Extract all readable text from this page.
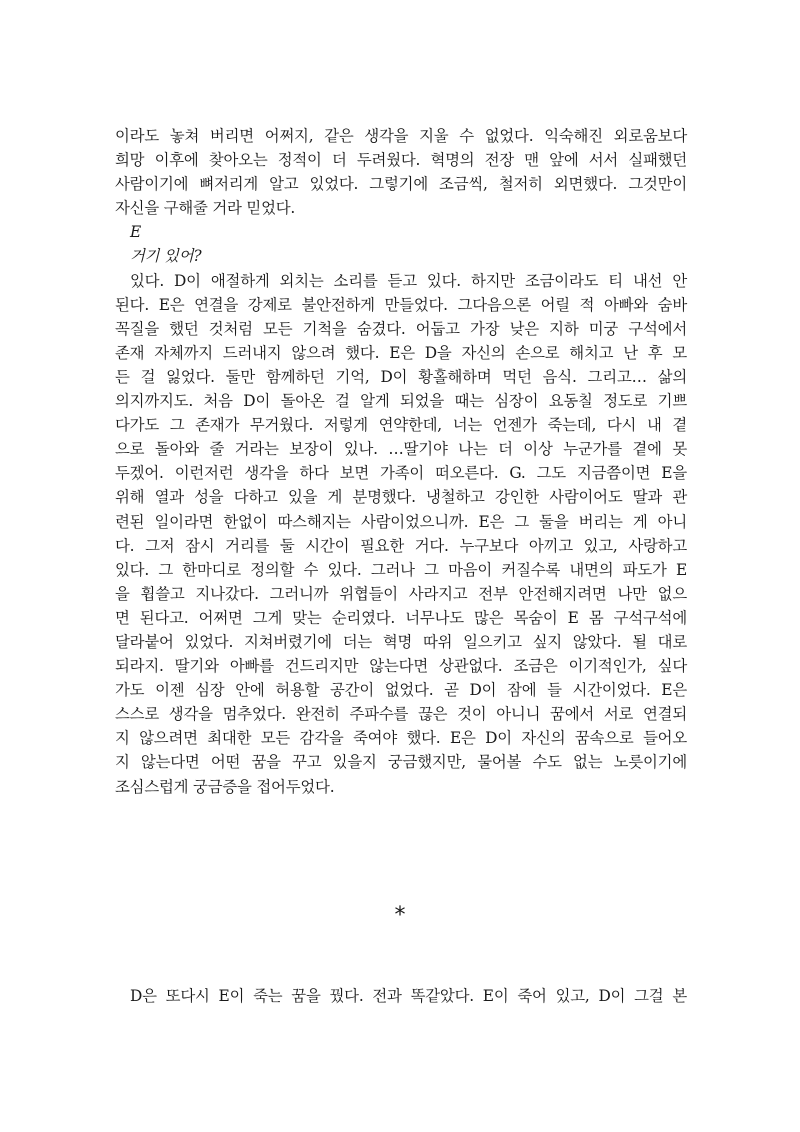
이라도 놓쳐 버리면 어쩌지, 같은 생각을 지울 수 없었다. 익숙해진 외로움보다
희망 이후에 찾아오는 정적이 더 두려웠다. 혁명의 전장 맨 앞에 서서 실패했던
사람이기에 뼈저리게 알고 있었다. 그렇기에 조금씩, 철저히 외면했다. 그것만이
자신을 구해줄 거라 믿었다.
E
거기 있어?
있다. D이 애절하게 외치는 소리를 듣고 있다. 하지만 조금이라도 티 내선 안
된다. E은 연결을 강제로 불안전하게 만들었다. 그다음으론 어릴 적 아빠와 숨바
꼭질을 했던 것처럼 모든 기척을 숨겼다. 어둡고 가장 낮은 지하 미궁 구석에서
존재 자체까지 드러내지 않으려 했다. E은 D을 자신의 손으로 해치고 난 후 모
든 걸 잃었다. 둘만 함께하던 기억, D이 황홀해하며 먹던 음식. 그리고… 삶의
의지까지도. 처음 D이 돌아온 걸 알게 되었을 때는 심장이 요동칠 정도로 기쁘
다가도 그 존재가 무거웠다. 저렇게 연약한데, 너는 언젠가 죽는데, 다시 내 곁
으로 돌아와 줄 거라는 보장이 있나. …딸기야 나는 더 이상 누군가를 곁에 못
두겠어. 이런저런 생각을 하다 보면 가족이 떠오른다. G. 그도 지금쯤이면 E을
위해 열과 성을 다하고 있을 게 분명했다. 냉철하고 강인한 사람이어도 딸과 관
련된 일이라면 한없이 따스해지는 사람이었으니까. E은 그 둘을 버리는 게 아니
다. 그저 잠시 거리를 둘 시간이 필요한 거다. 누구보다 아끼고 있고, 사랑하고
있다. 그 한마디로 정의할 수 있다. 그러나 그 마음이 커질수록 내면의 파도가 E
을 휩쓸고 지나갔다. 그러니까 위협들이 사라지고 전부 안전해지려면 나만 없으
면 된다고. 어쩌면 그게 맞는 순리였다. 너무나도 많은 목숨이 E 몸 구석구석에
달라붙어 있었다. 지쳐버렸기에 더는 혁명 따위 일으키고 싶지 않았다. 될 대로
되라지. 딸기와 아빠를 건드리지만 않는다면 상관없다. 조금은 이기적인가, 싶다
가도 이젠 심장 안에 허용할 공간이 없었다. 곧 D이 잠에 들 시간이었다. E은
스스로 생각을 멈추었다. 완전히 주파수를 끊은 것이 아니니 꿈에서 서로 연결되
지 않으려면 최대한 모든 감각을 죽여야 했다. E은 D이 자신의 꿈속으로 들어오
지 않는다면 어떤 꿈을 꾸고 있을지 궁금했지만, 물어볼 수도 없는 노릇이기에
조심스럽게 궁금증을 접어두었다.
*
D은 또다시 E이 죽는 꿈을 꿨다. 전과 똑같았다. E이 죽어 있고, D이 그걸 본
